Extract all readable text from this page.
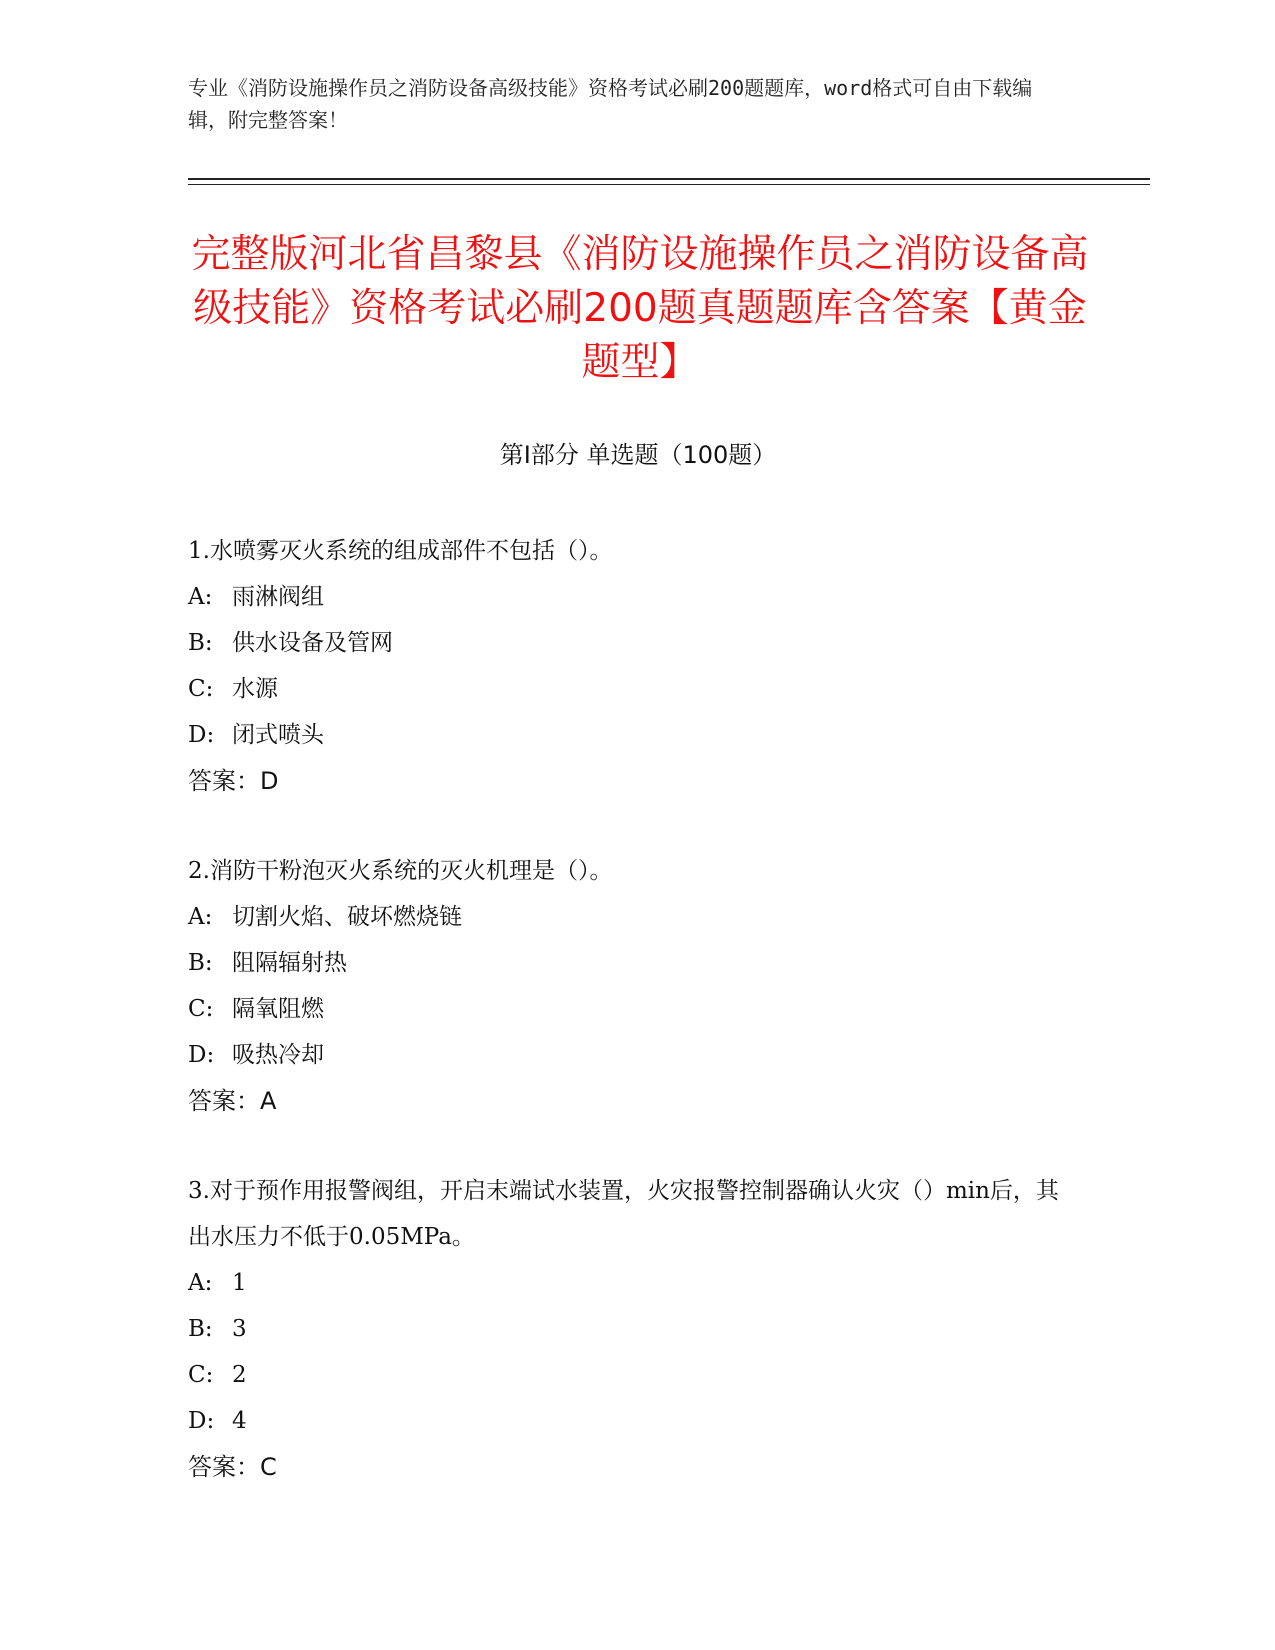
专业《消防设施操作员之消防设备高级技能》资格考试必刷200题题库，word格式可自由下载编辑，附完整答案！
完整版河北省昌黎县《消防设施操作员之消防设备高级技能》资格考试必刷200题真题题库含答案【黄金题型】
第I部分 单选题（100题）

1.水喷雾灭火系统的组成部件不包括（）。

A: 雨淋阀组

B: 供水设备及管网

C: 水源

D: 闭式喷头

答案：D

2.消防干粉泡灭火系统的灭火机理是（）。

A: 切割火焰、破坏燃烧链

B: 阻隔辐射热

C: 隔氧阻燃

D: 吸热冷却

答案：A

3.对于预作用报警阀组，开启末端试水装置，火灾报警控制器确认火灾（）min后，其出水压力不低于0.05MPa。

A: 1

B: 3

C: 2

D: 4

答案：C
